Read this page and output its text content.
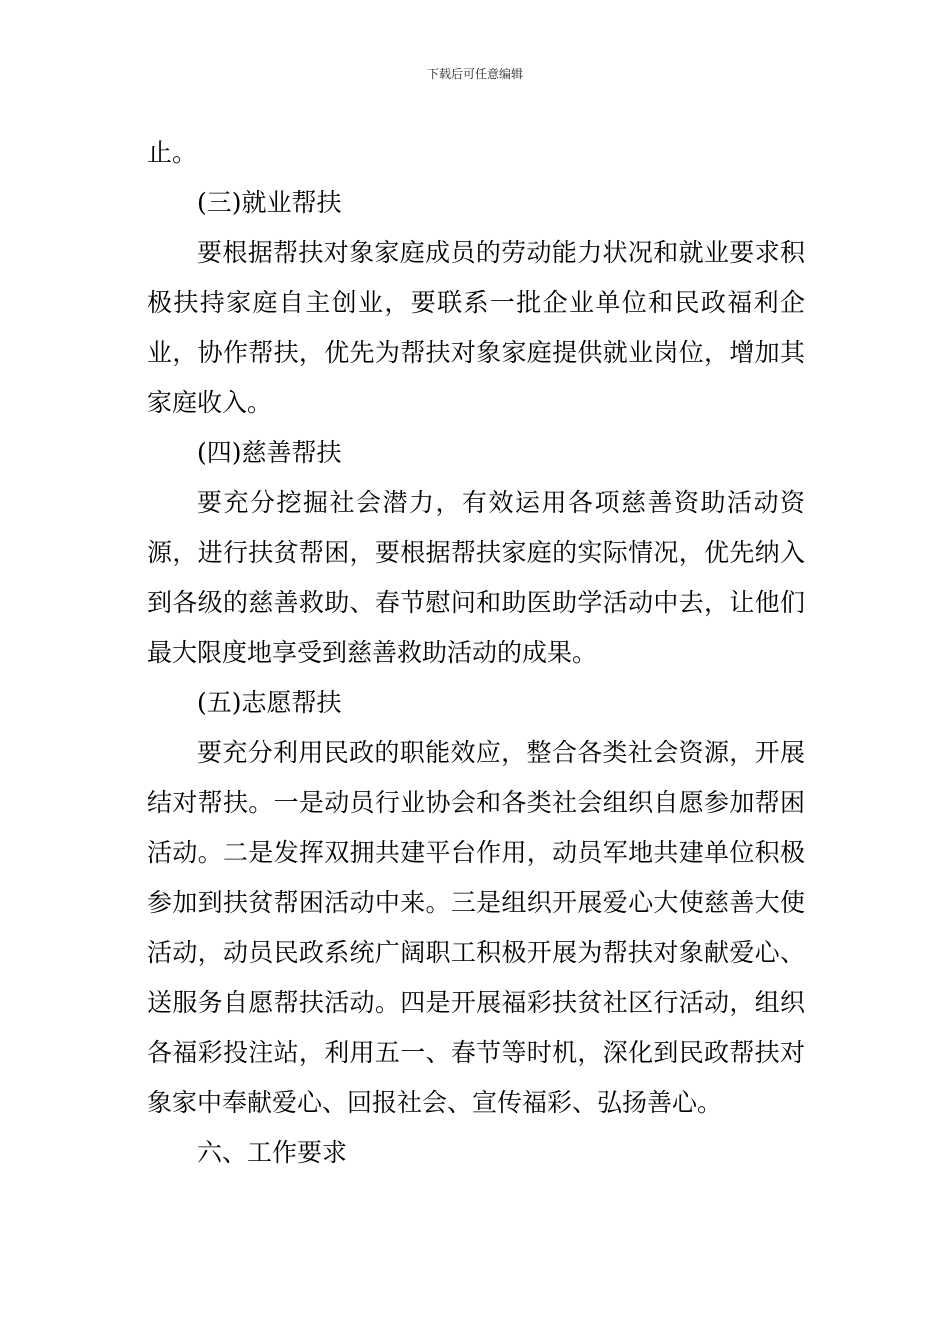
下载后可任意编辑

止。

(三)就业帮扶

要根据帮扶对象家庭成员的劳动能力状况和就业要求积极扶持家庭自主创业，要联系一批企业单位和民政福利企业，协作帮扶，优先为帮扶对象家庭提供就业岗位，增加其家庭收入。

(四)慈善帮扶

要充分挖掘社会潜力，有效运用各项慈善资助活动资源，进行扶贫帮困，要根据帮扶家庭的实际情况，优先纳入到各级的慈善救助、春节慰问和助医助学活动中去，让他们最大限度地享受到慈善救助活动的成果。

(五)志愿帮扶

要充分利用民政的职能效应，整合各类社会资源，开展结对帮扶。一是动员行业协会和各类社会组织自愿参加帮困活动。二是发挥双拥共建平台作用，动员军地共建单位积极参加到扶贫帮困活动中来。三是组织开展爱心大使慈善大使活动，动员民政系统广阔职工积极开展为帮扶对象献爱心、送服务自愿帮扶活动。四是开展福彩扶贫社区行活动，组织各福彩投注站，利用五一、春节等时机，深化到民政帮扶对象家中奉献爱心、回报社会、宣传福彩、弘扬善心。

六、工作要求
